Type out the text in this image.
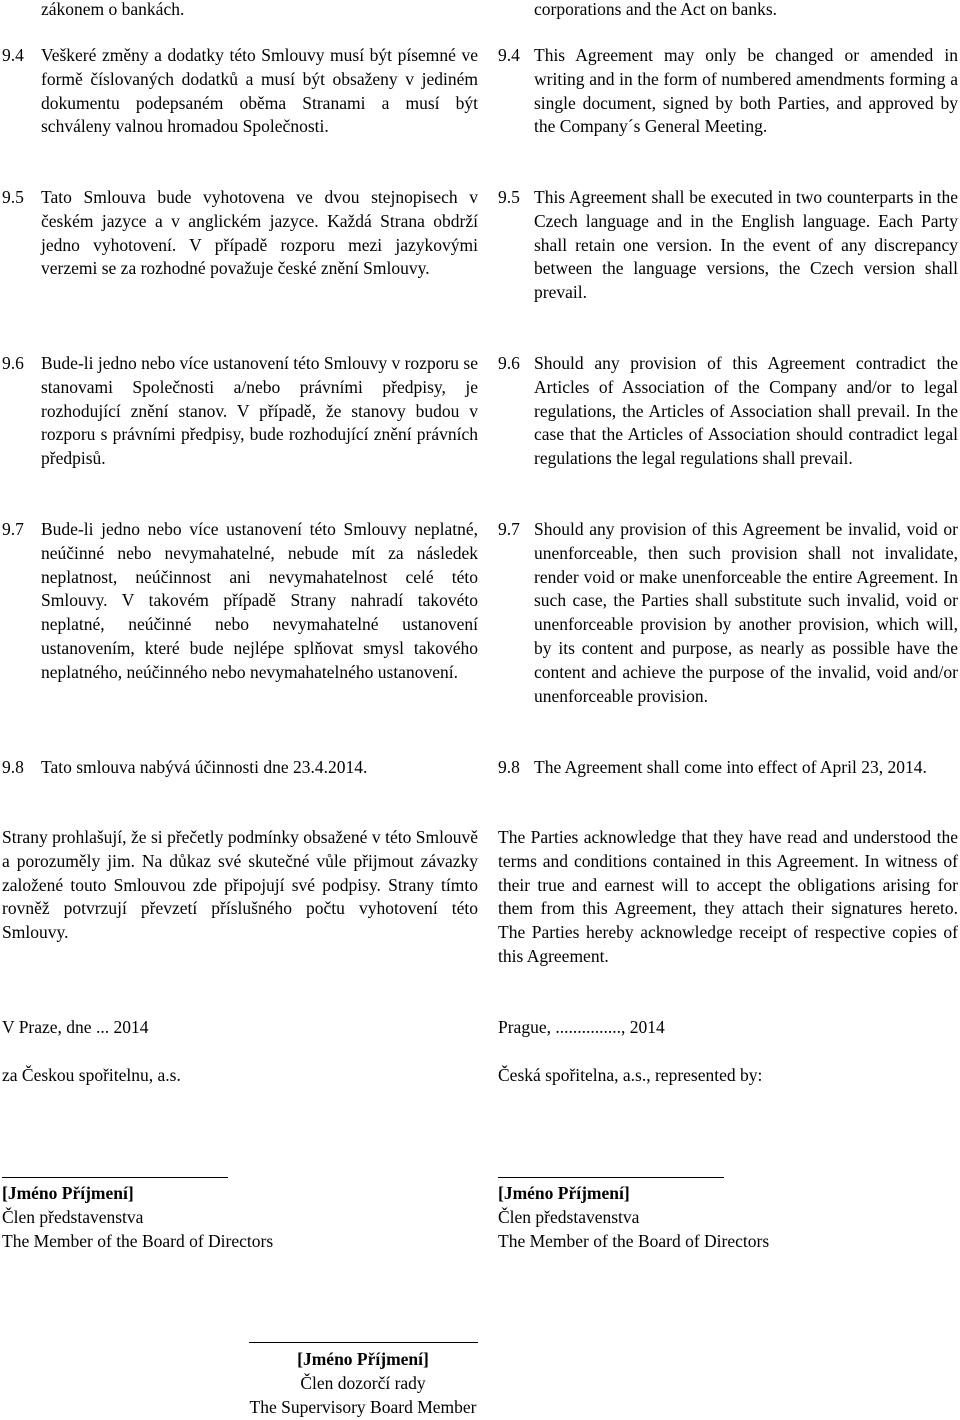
zákonem o bankách.	corporations and the Act on banks.
9.4 Veškeré změny a dodatky této Smlouvy musí být písemné ve formě číslovaných dodatků a musí být obsaženy v jediném dokumentu podepsaném oběma Stranami a musí být schváleny valnou hromadou Společnosti.
9.4 This Agreement may only be changed or amended in writing and in the form of numbered amendments forming a single document, signed by both Parties, and approved by the Company´s General Meeting.
9.5 Tato Smlouva bude vyhotovena ve dvou stejnopisech v českém jazyce a v anglickém jazyce. Každá Strana obdrží jedno vyhotovení. V případě rozporu mezi jazykovými verzemi se za rozhodné považuje české znění Smlouvy.
9.5 This Agreement shall be executed in two counterparts in the Czech language and in the English language. Each Party shall retain one version. In the event of any discrepancy between the language versions, the Czech version shall prevail.
9.6 Bude-li jedno nebo více ustanovení této Smlouvy v rozporu se stanovami Společnosti a/nebo právními předpisy, je rozhodující znění stanov. V případě, že stanovy budou v rozporu s právními předpisy, bude rozhodující znění právních předpisů.
9.6 Should any provision of this Agreement contradict the Articles of Association of the Company and/or to legal regulations, the Articles of Association shall prevail. In the case that the Articles of Association should contradict legal regulations the legal regulations shall prevail.
9.7 Bude-li jedno nebo více ustanovení této Smlouvy neplatné, neúčinné nebo nevymahatelné, nebude mít za následek neplatnost, neúčinnost ani nevymahatelnost celé této Smlouvy. V takovém případě Strany nahradí takovéto neplatné, neúčinné nebo nevymahatelné ustanovení ustanovením, které bude nejlépe splňovat smysl takového neplatného, neúčinného nebo nevymahatelného ustanovení.
9.7 Should any provision of this Agreement be invalid, void or unenforceable, then such provision shall not invalidate, render void or make unenforceable the entire Agreement. In such case, the Parties shall substitute such invalid, void or unenforceable provision by another provision, which will, by its content and purpose, as nearly as possible have the content and achieve the purpose of the invalid, void and/or unenforceable provision.
9.8 Tato smlouva nabývá účinnosti dne 23.4.2014.	9.8 The Agreement shall come into effect of April 23, 2014.
Strany prohlašují, že si přečetly podmínky obsažené v této Smlouvě a porozuměly jim. Na důkaz své skutečné vůle přijmout závazky založené touto Smlouvou zde připojují své podpisy. Strany tímto rovněž potvrzují převzetí příslušného počtu vyhotovení této Smlouvy.
The Parties acknowledge that they have read and understood the terms and conditions contained in this Agreement. In witness of their true and earnest will to accept the obligations arising for them from this Agreement, they attach their signatures hereto. The Parties hereby acknowledge receipt of respective copies of this Agreement.
V Praze, dne ... 2014	Prague, ..............., 2014
za Českou spořitelnu, a.s.	Česká spořitelna, a.s., represented by:
[Jméno Příjmení]
Člen představenstva
The Member of the Board of Directors
[Jméno Příjmení]
Člen představenstva
The Member of the Board of Directors
[Jméno Příjmení]
Člen dozorčí rady
The Supervisory Board Member
